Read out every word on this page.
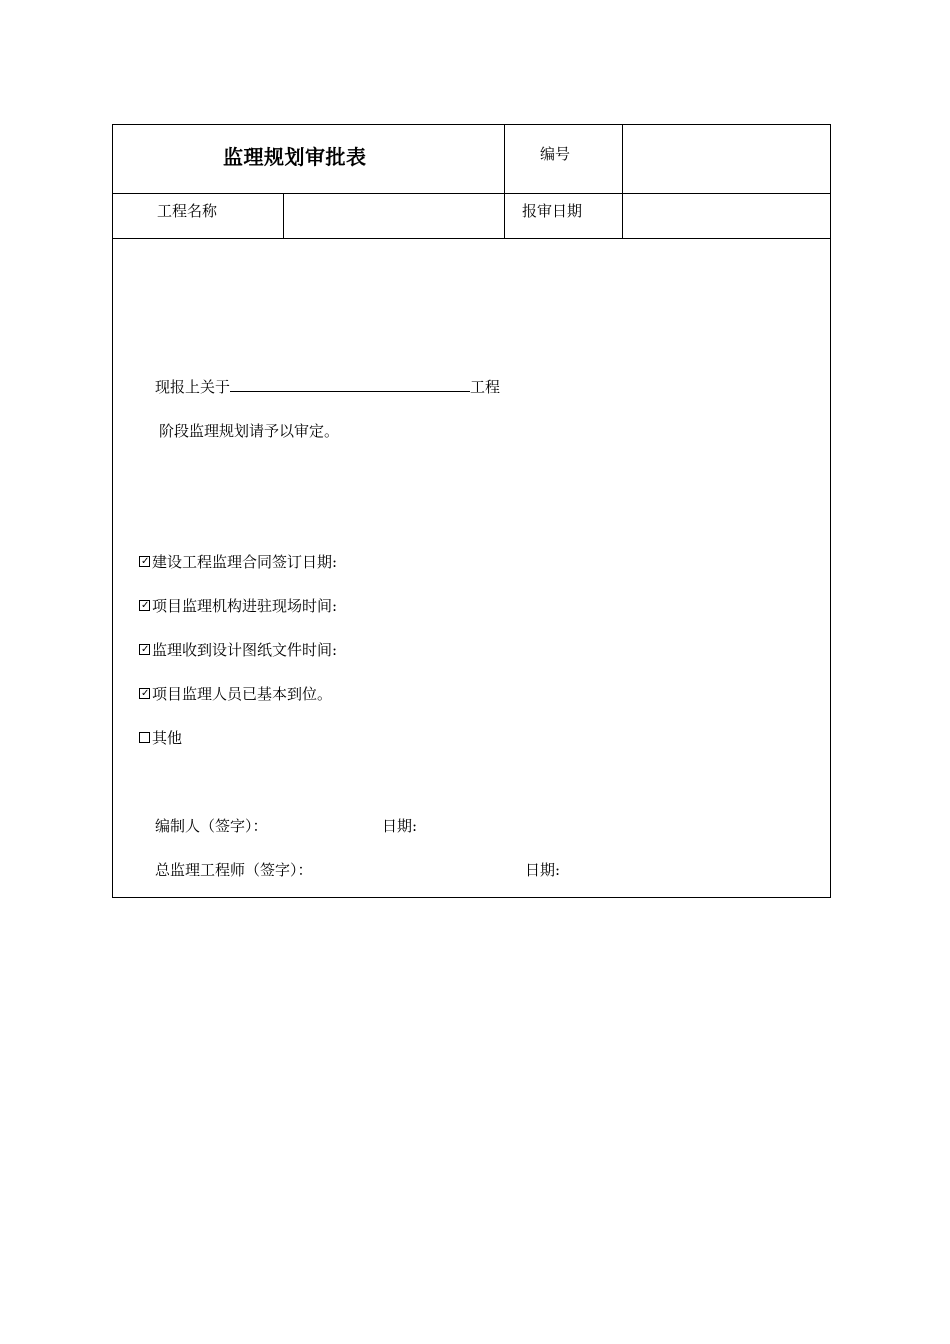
监理规划审批表	编号
工程名称	报审日期
现报上关于	工程
阶段监理规划请予以审定。
✓ 建设工程监理合同签订日期:
✓ 项目监理机构进驻现场时间:
✓ 监理收到设计图纸文件时间:
✓ 项目监理人员已基本到位。
其他
编制人（签字）：	日期:
总监理工程师（签字）：	日期:
